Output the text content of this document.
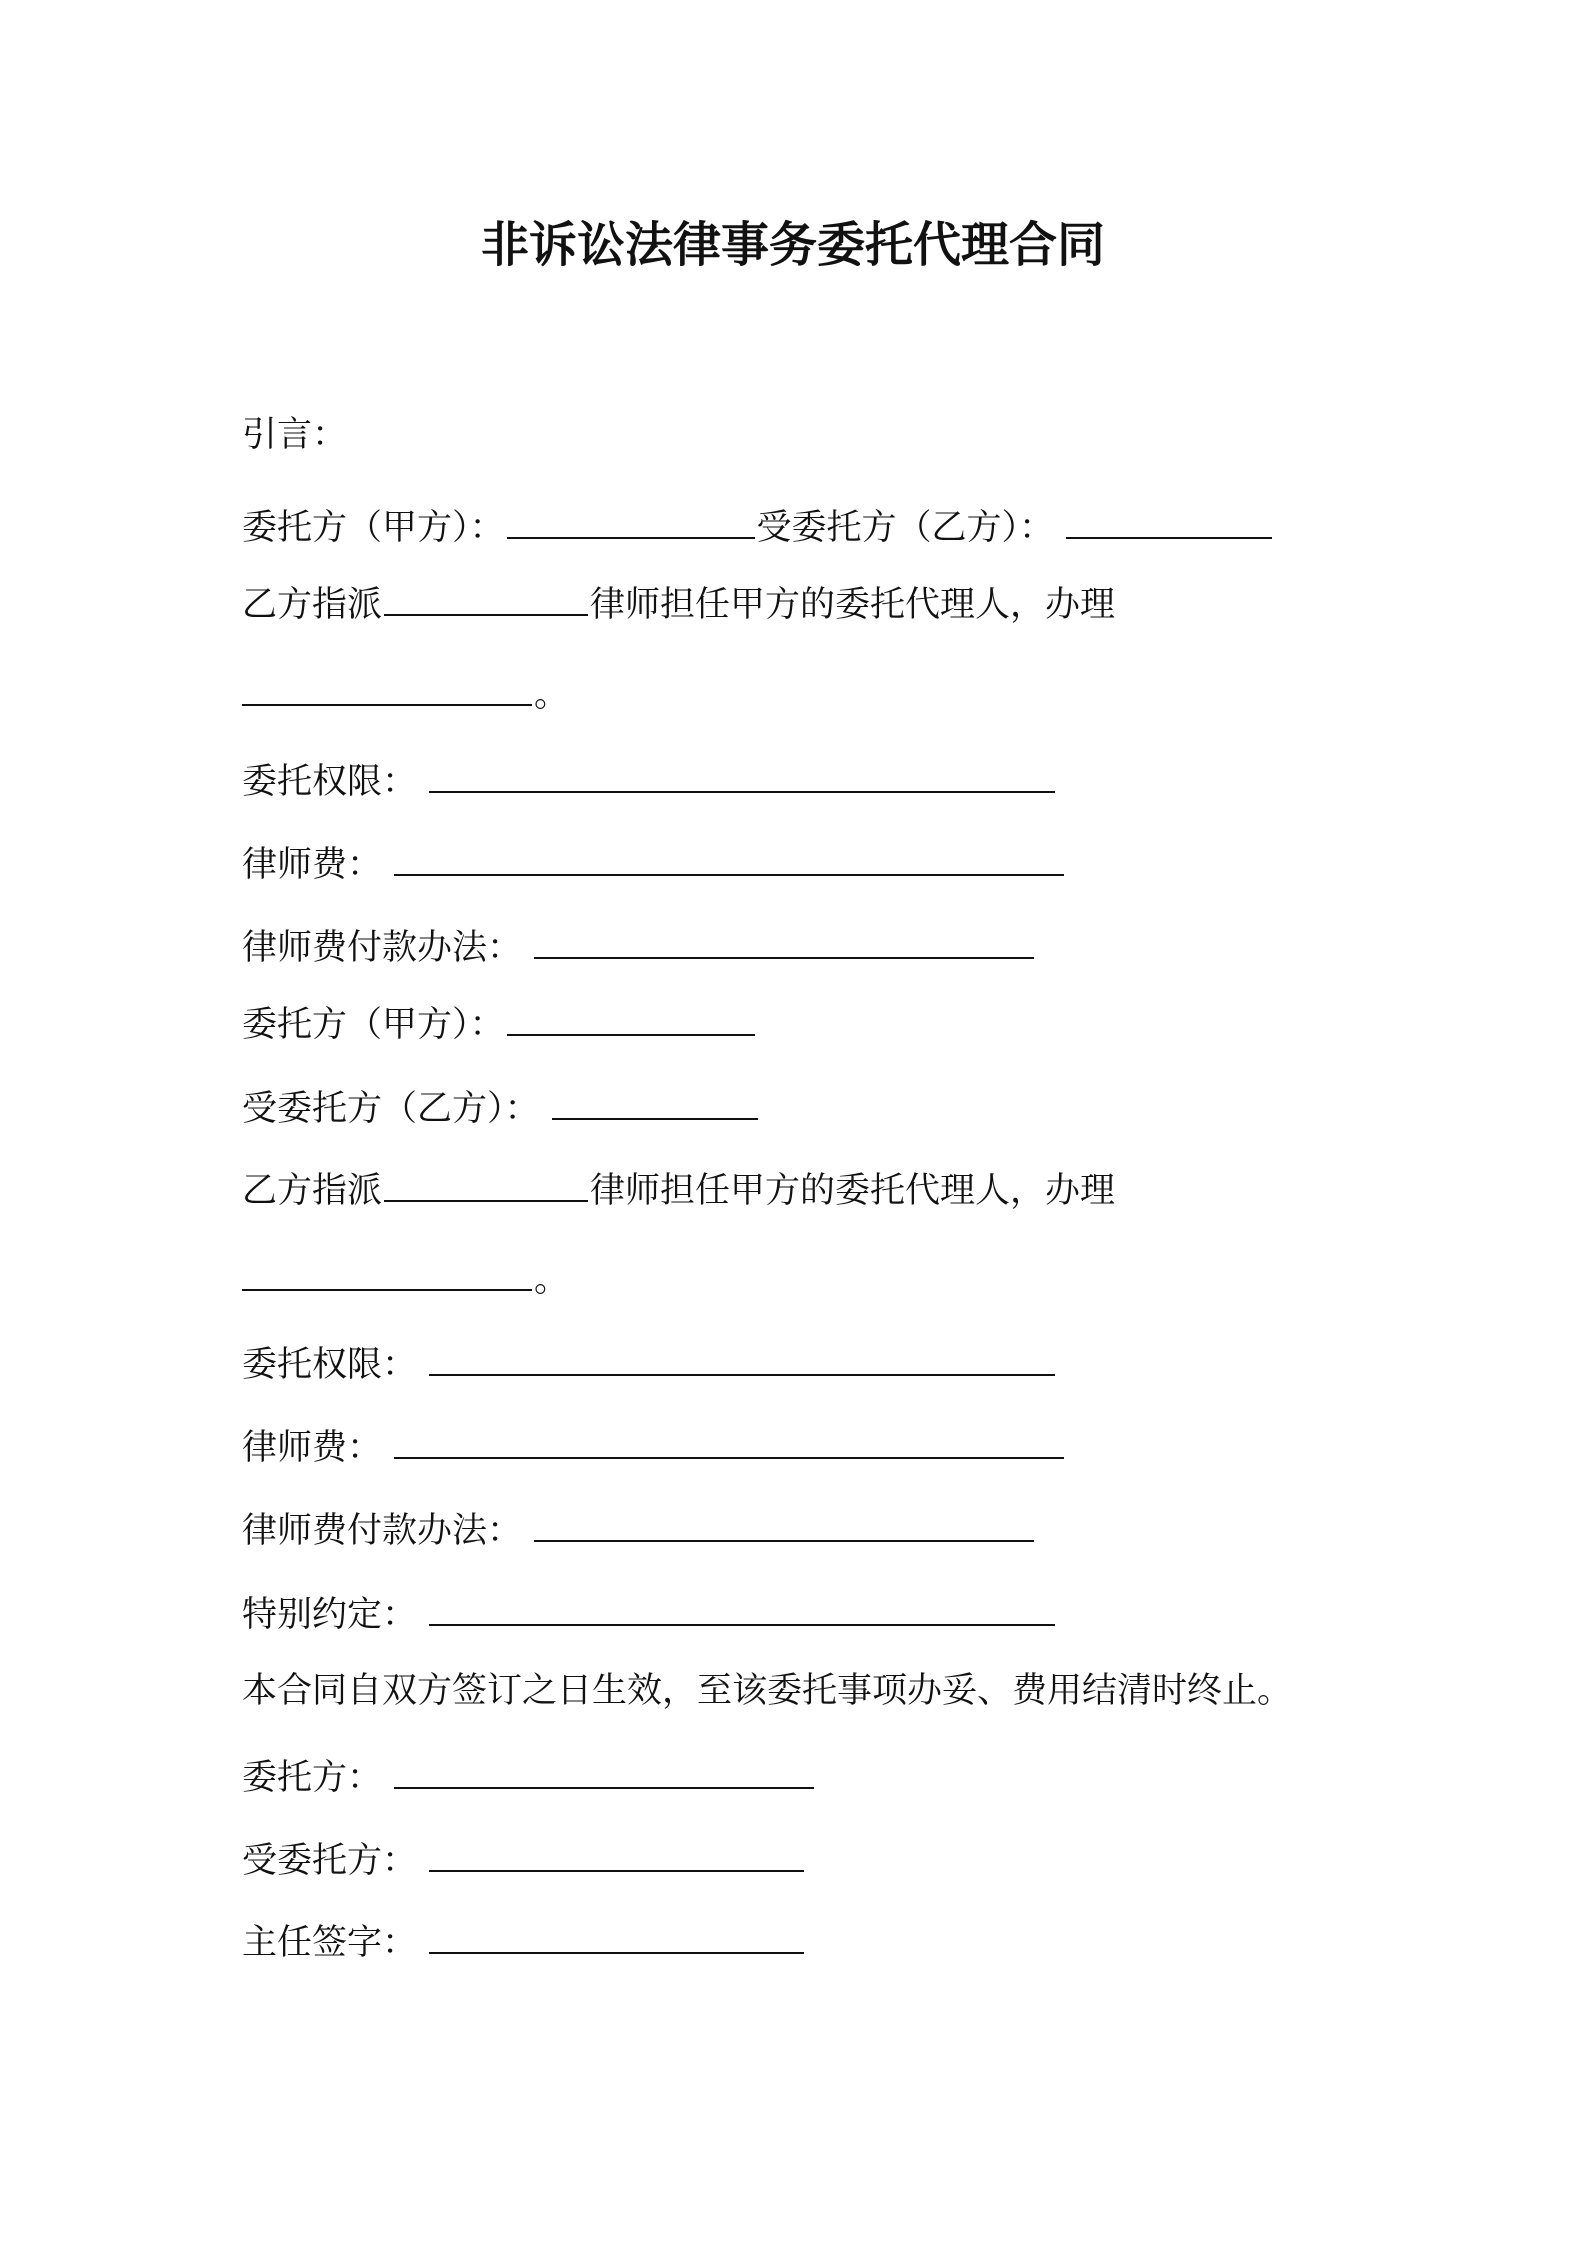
非诉讼法律事务委托代理合同
引言：
委托方（甲方）：	受委托方（乙方）：
乙方指派	律师担任甲方的委托代理人，办理
。
委托权限：
律师费：
律师费付款办法：
委托方（甲方）：
受委托方（乙方）：
乙方指派	律师担任甲方的委托代理人，办理
。
委托权限：
律师费：
律师费付款办法：
特别约定：
本合同自双方签订之日生效，至该委托事项办妥、费用结清时终止。
委托方：
受委托方：
主任签字：
